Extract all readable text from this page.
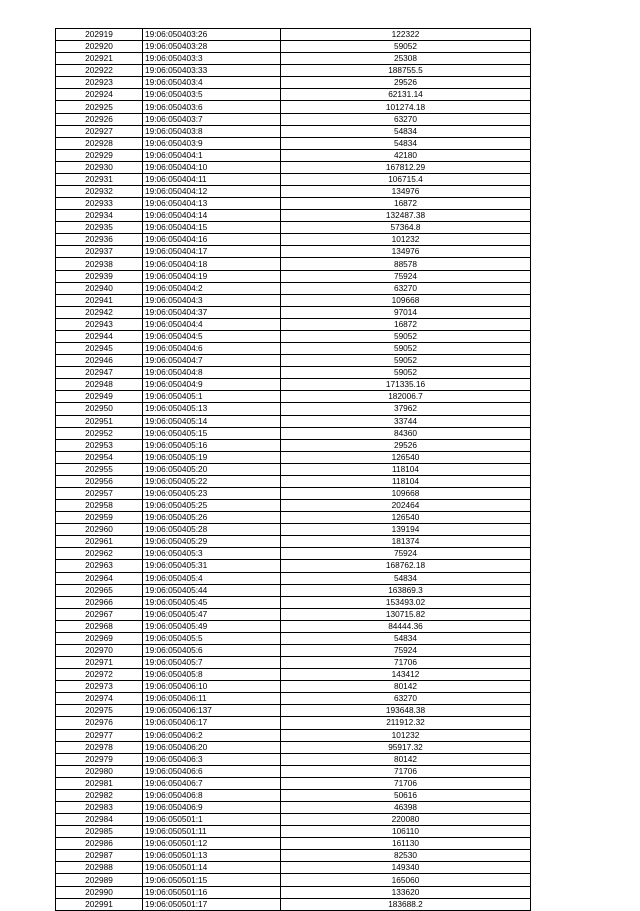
202919	19:06:050403:26	122322
202920	19:06:050403:28	59052
202921	19:06:050403:3	25308
202922	19:06:050403:33	188755.5
202923	19:06:050403:4	29526
202924	19:06:050403:5	62131.14
202925	19:06:050403:6	101274.18
202926	19:06:050403:7	63270
202927	19:06:050403:8	54834
202928	19:06:050403:9	54834
202929	19:06:050404:1	42180
202930	19:06:050404:10	167812.29
202931	19:06:050404:11	106715.4
202932	19:06:050404:12	134976
202933	19:06:050404:13	16872
202934	19:06:050404:14	132487.38
202935	19:06:050404:15	57364.8
202936	19:06:050404:16	101232
202937	19:06:050404:17	134976
202938	19:06:050404:18	88578
202939	19:06:050404:19	75924
202940	19:06:050404:2	63270
202941	19:06:050404:3	109668
202942	19:06:050404:37	97014
202943	19:06:050404:4	16872
202944	19:06:050404:5	59052
202945	19:06:050404:6	59052
202946	19:06:050404:7	59052
202947	19:06:050404:8	59052
202948	19:06:050404:9	171335.16
202949	19:06:050405:1	182006.7
202950	19:06:050405:13	37962
202951	19:06:050405:14	33744
202952	19:06:050405:15	84360
202953	19:06:050405:16	29526
202954	19:06:050405:19	126540
202955	19:06:050405:20	118104
202956	19:06:050405:22	118104
202957	19:06:050405:23	109668
202958	19:06:050405:25	202464
202959	19:06:050405:26	126540
202960	19:06:050405:28	139194
202961	19:06:050405:29	181374
202962	19:06:050405:3	75924
202963	19:06:050405:31	168762.18
202964	19:06:050405:4	54834
202965	19:06:050405:44	163869.3
202966	19:06:050405:45	153493.02
202967	19:06:050405:47	130715.82
202968	19:06:050405:49	84444.36
202969	19:06:050405:5	54834
202970	19:06:050405:6	75924
202971	19:06:050405:7	71706
202972	19:06:050405:8	143412
202973	19:06:050406:10	80142
202974	19:06:050406:11	63270
202975	19:06:050406:137	193648.38
202976	19:06:050406:17	211912.32
202977	19:06:050406:2	101232
202978	19:06:050406:20	95917.32
202979	19:06:050406:3	80142
202980	19:06:050406:6	71706
202981	19:06:050406:7	71706
202982	19:06:050406:8	50616
202983	19:06:050406:9	46398
202984	19:06:050501:1	220080
202985	19:06:050501:11	106110
202986	19:06:050501:12	161130
202987	19:06:050501:13	82530
202988	19:06:050501:14	149340
202989	19:06:050501:15	165060
202990	19:06:050501:16	133620
202991	19:06:050501:17	183688.2
